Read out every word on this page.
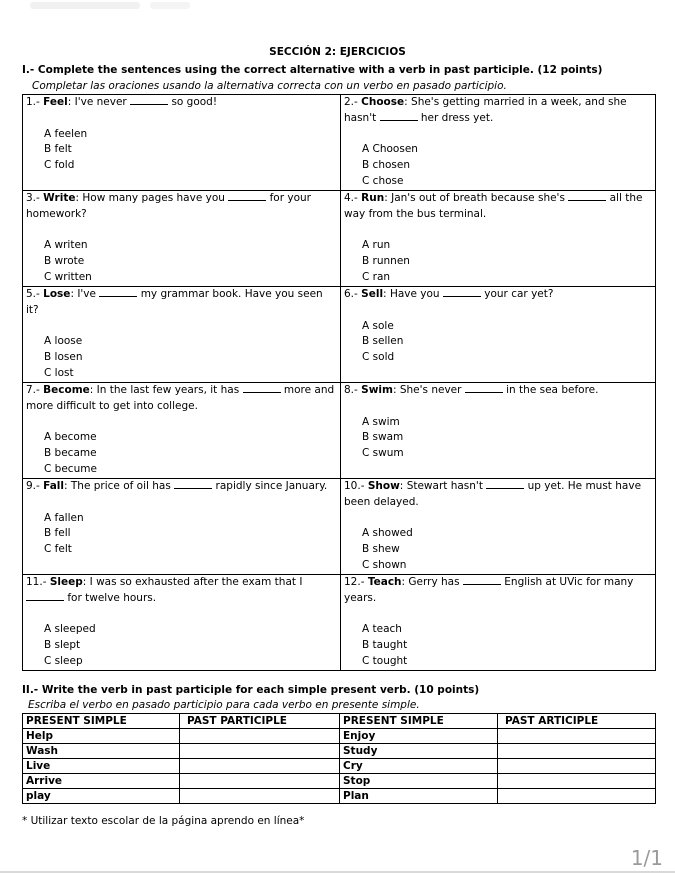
SECCIÓN 2: EJERCICIOS
I.- Complete the sentences using the correct alternative with a verb in past participle. (12 points)
Completar las oraciones usando la alternativa correcta con un verbo en pasado participio.
1.- Feel: I've never so good!
A feelen
B felt
C fold	2.- Choose: She's getting married in a week, and she hasn't her dress yet.
A Choosen
B chosen
C chose

3.- Write: How many pages have you for your homework?
A writen
B wrote
C written	4.- Run: Jan's out of breath because she's all the way from the bus terminal.
A run
B runnen
C ran

5.- Lose: I've my grammar book. Have you seen it?
A loose
B losen
C lost	6.- Sell: Have you your car yet?
A sole
B sellen
C sold

7.- Become: In the last few years, it has more and more difficult to get into college.
A become
B became
C becume	8.- Swim: She's never in the sea before.
A swim
B swam
C swum

9.- Fall: The price of oil has rapidly since January.
A fallen
B fell
C felt	10.- Show: Stewart hasn't up yet. He must have been delayed.
A showed
B shew
C shown

11.- Sleep: I was so exhausted after the exam that I  for twelve hours.
A sleeped
B slept
C sleep	12.- Teach: Gerry has English at UVic for many years.
A teach
B taught
C tought
II.- Write the verb in past participle for each simple present verb. (10 points)
Escriba el verbo en pasado participio para cada verbo en presente simple.
PRESENT SIMPLE	PAST PARTICIPLE	PRESENT SIMPLE	PAST ARTICIPLE
Help		Enjoy	
Wash		Study	
Live		Cry	
Arrive		Stop	
play		Plan	
* Utilizar texto escolar de la página aprendo en línea*
1/1
